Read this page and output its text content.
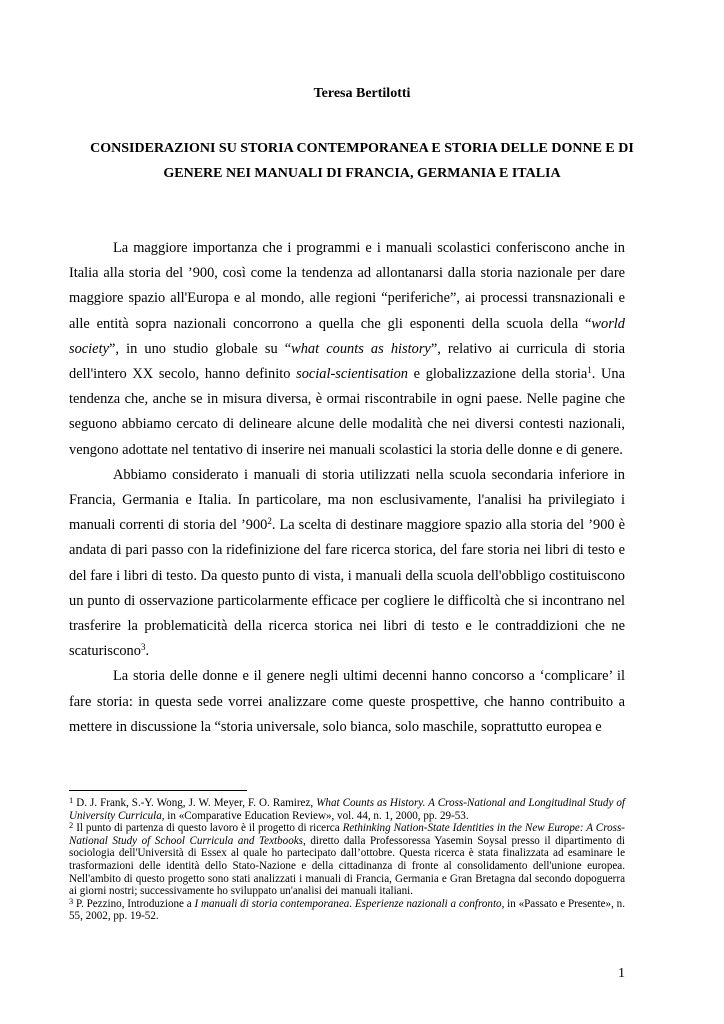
Teresa Bertilotti
CONSIDERAZIONI SU STORIA CONTEMPORANEA E STORIA DELLE DONNE E DI GENERE NEI MANUALI DI FRANCIA, GERMANIA E ITALIA

La maggiore importanza che i programmi e i manuali scolastici conferiscono anche in Italia alla storia del ’900, così come la tendenza ad allontanarsi dalla storia nazionale per dare maggiore spazio all'Europa e al mondo, alle regioni “periferiche”, ai processi transnazionali e alle entità sopra nazionali concorrono a quella che gli esponenti della scuola della “world society”, in uno studio globale su “what counts as history”, relativo ai curricula di storia dell'intero XX secolo, hanno definito social-scientisation e globalizzazione della storia$^1$. Una tendenza che, anche se in misura diversa, è ormai riscontrabile in ogni paese. Nelle pagine che seguono abbiamo cercato di delineare alcune delle modalità che nei diversi contesti nazionali, vengono adottate nel tentativo di inserire nei manuali scolastici la storia delle donne e di genere.

Abbiamo considerato i manuali di storia utilizzati nella scuola secondaria inferiore in Francia, Germania e Italia. In particolare, ma non esclusivamente, l'analisi ha privilegiato i manuali correnti di storia del $’900^2$. La scelta di destinare maggiore spazio alla storia del ’900 è andata di pari passo con la ridefinizione del fare ricerca storica, del fare storia nei libri di testo e del fare i libri di testo. Da questo punto di vista, i manuali della scuola dell'obbligo costituiscono un punto di osservazione particolarmente efficace per cogliere le difficoltà che si incontrano nel trasferire la problematicità della ricerca storica nei libri di testo e le contraddizioni che ne scaturiscono$^3$.

La storia delle donne e il genere negli ultimi decenni hanno concorso a ‘complicare’ il fare storia: in questa sede vorrei analizzare come queste prospettive, che hanno contribuito a mettere in discussione la “storia universale, solo bianca, solo maschile, soprattutto europea e

$^1$ D. J. Frank, S.-Y. Wong, J. W. Meyer, F. O. Ramirez, What Counts as History. A Cross-National and Longitudinal Study of University Curricula, in «Comparative Education Review», vol. 44, n. 1, 2000, pp. 29-53.

$^2$ Il punto di partenza di questo lavoro è il progetto di ricerca Rethinking Nation-State Identities in the New Europe: A Cross-National Study of School Curricula and Textbooks, diretto dalla Professoressa Yasemin Soysal presso il dipartimento di sociologia dell'Università di Essex al quale ho partecipato dall’ottobre. Questa ricerca è stata finalizzata ad esaminare le trasformazioni delle identità dello Stato-Nazione e della cittadinanza di fronte al consolidamento dell'unione europea. Nell'ambito di questo progetto sono stati analizzati i manuali di Francia, Germania e Gran Bretagna dal secondo dopoguerra ai giorni nostri; successivamente ho sviluppato un'analisi dei manuali italiani.

$^3$ P. Pezzino, Introduzione a I manuali di storia contemporanea. Esperienze nazionali a confronto, in «Passato e Presente», n. 55, 2002, pp. 19-52.

1
